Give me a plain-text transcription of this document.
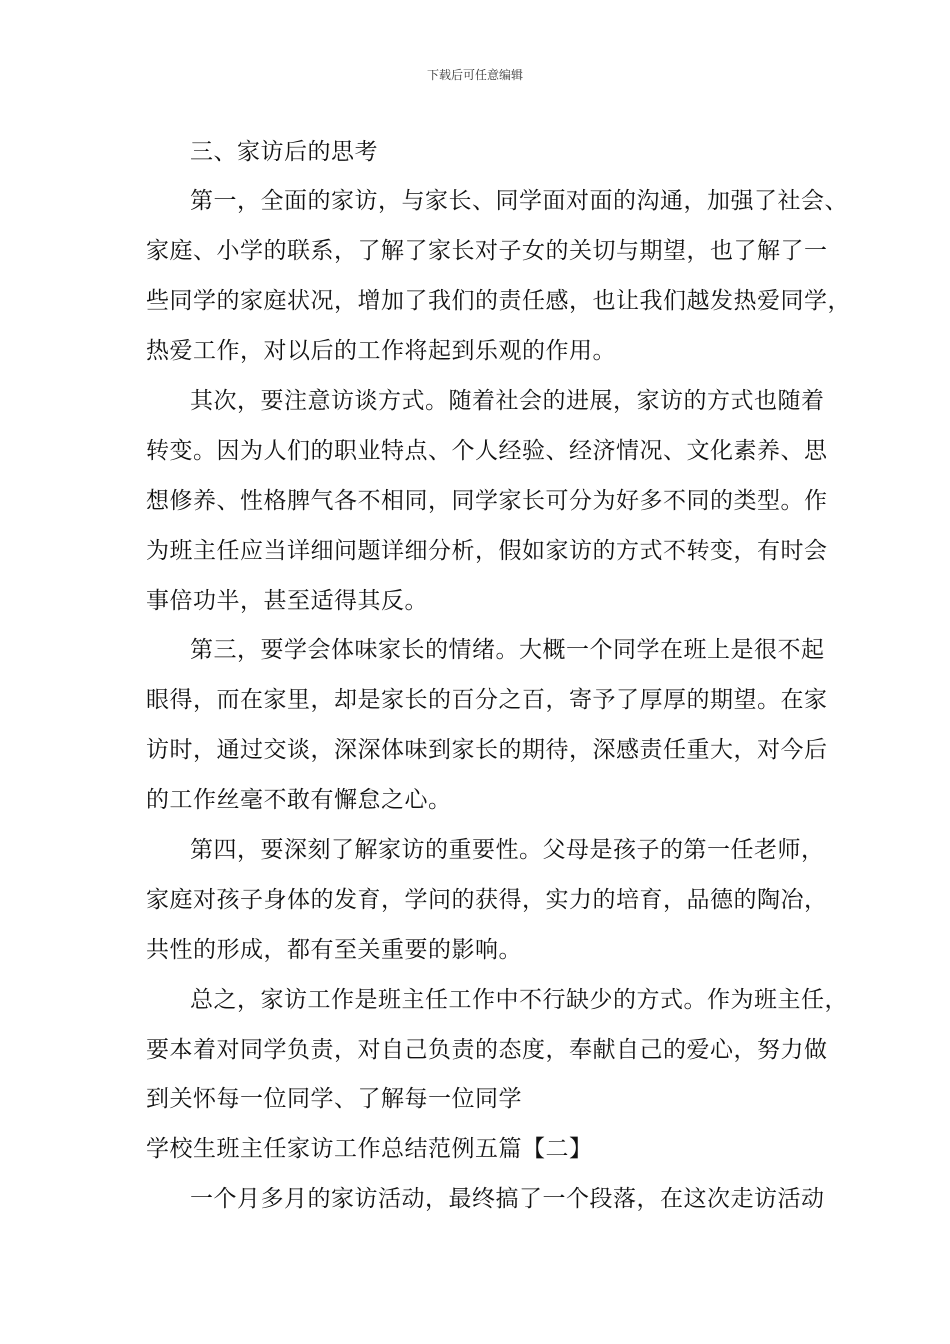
下载后可任意编辑
三、家访后的思考
第一，全面的家访，与家长、同学面对面的沟通，加强了社会、
家庭、小学的联系，了解了家长对子女的关切与期望，也了解了一
些同学的家庭状况，增加了我们的责任感，也让我们越发热爱同学，
热爱工作，对以后的工作将起到乐观的作用。
其次，要注意访谈方式。随着社会的进展，家访的方式也随着
转变。因为人们的职业特点、个人经验、经济情况、文化素养、思
想修养、性格脾气各不相同，同学家长可分为好多不同的类型。作
为班主任应当详细问题详细分析，假如家访的方式不转变，有时会
事倍功半，甚至适得其反。
第三，要学会体味家长的情绪。大概一个同学在班上是很不起
眼得，而在家里，却是家长的百分之百，寄予了厚厚的期望。在家
访时，通过交谈，深深体味到家长的期待，深感责任重大，对今后
的工作丝毫不敢有懈怠之心。
第四，要深刻了解家访的重要性。父母是孩子的第一任老师，
家庭对孩子身体的发育，学问的获得，实力的培育，品德的陶冶，
共性的形成，都有至关重要的影响。
总之，家访工作是班主任工作中不行缺少的方式。作为班主任，
要本着对同学负责，对自己负责的态度，奉献自己的爱心，努力做
到关怀每一位同学、了解每一位同学
学校生班主任家访工作总结范例五篇【二】
一个月多月的家访活动，最终搞了一个段落，在这次走访活动
